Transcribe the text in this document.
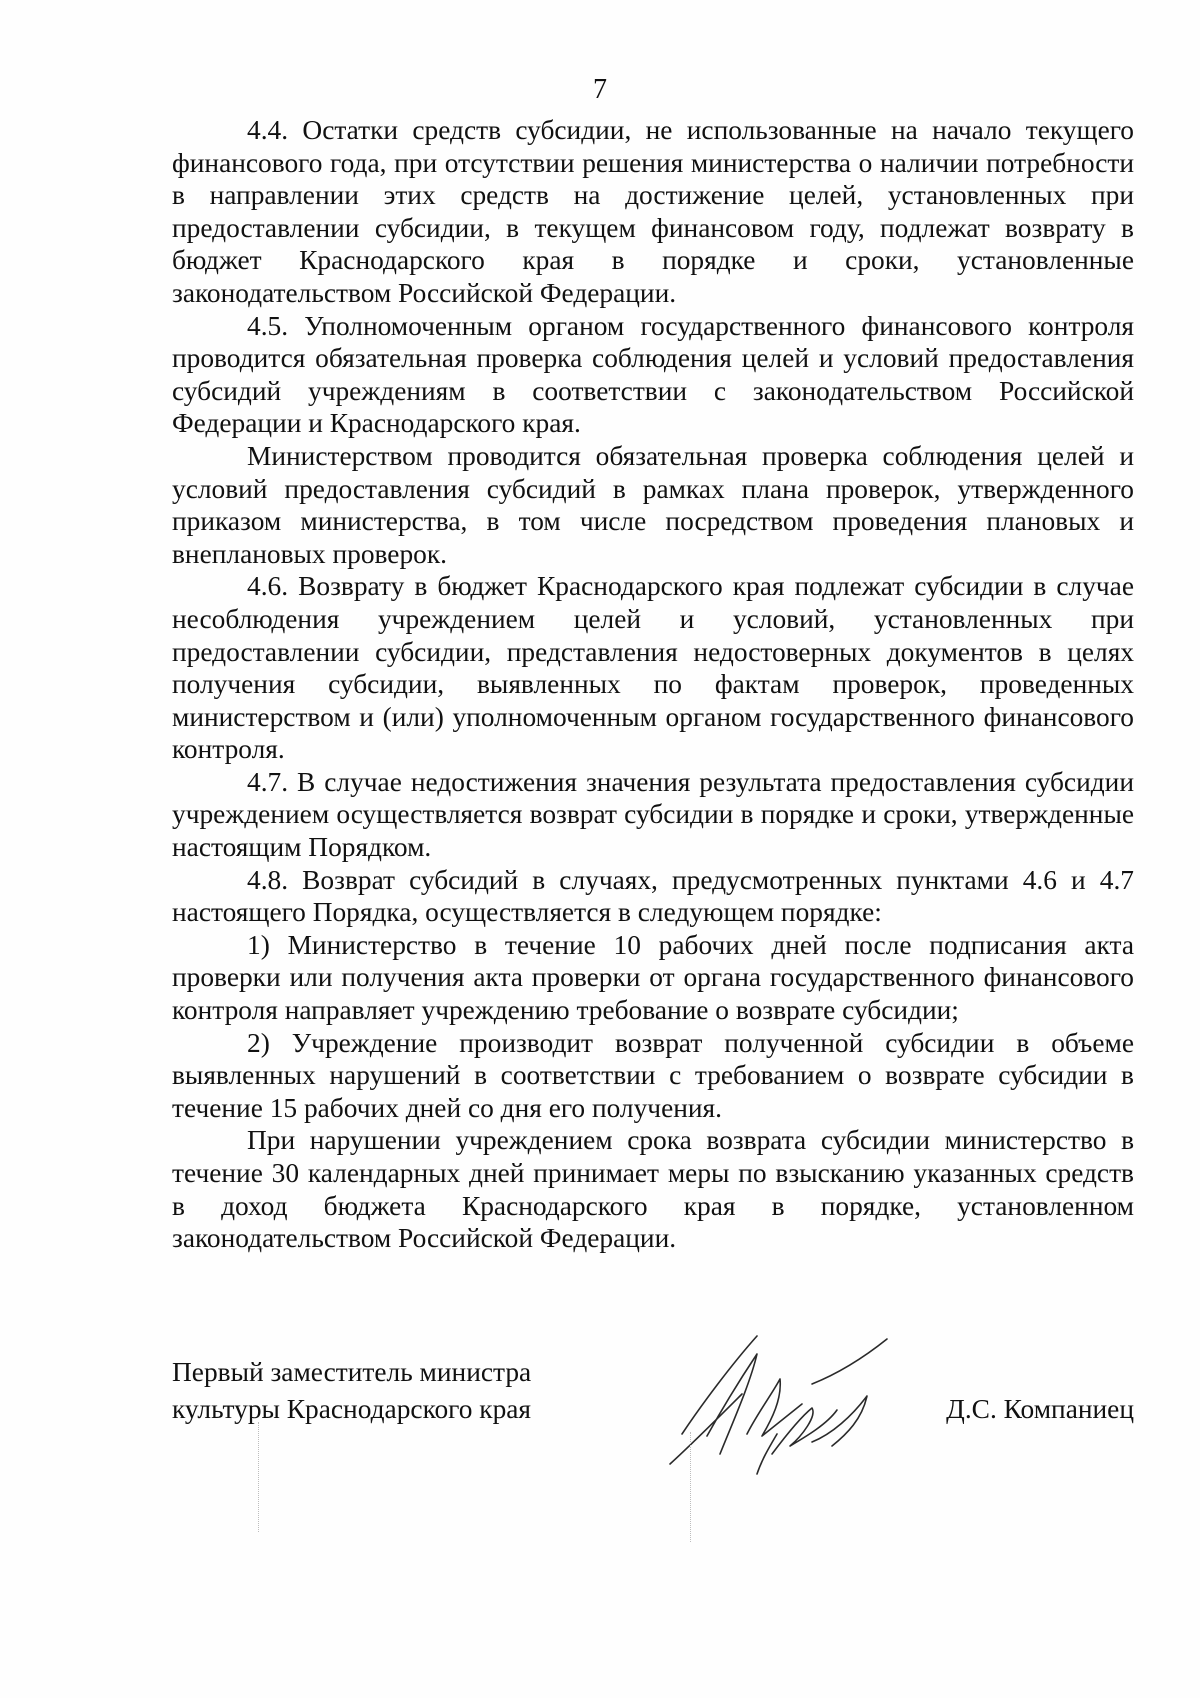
7

4.4. Остатки средств субсидии, не использованные на начало текущего финансового года, при отсутствии решения министерства о наличии потребности в направлении этих средств на достижение целей, установленных при предоставлении субсидии, в текущем финансовом году, подлежат возврату в бюджет Краснодарского края в порядке и сроки, установленные законодательством Российской Федерации.

4.5. Уполномоченным органом государственного финансового контроля проводится обязательная проверка соблюдения целей и условий предоставления субсидий учреждениям в соответствии с законодательством Российской Федерации и Краснодарского края.

Министерством проводится обязательная проверка соблюдения целей и условий предоставления субсидий в рамках плана проверок, утвержденного приказом министерства, в том числе посредством проведения плановых и внеплановых проверок.

4.6. Возврату в бюджет Краснодарского края подлежат субсидии в случае несоблюдения учреждением целей и условий, установленных при предоставлении субсидии, представления недостоверных документов в целях получения субсидии, выявленных по фактам проверок, проведенных министерством и (или) уполномоченным органом государственного финансового контроля.

4.7. В случае недостижения значения результата предоставления субсидии учреждением осуществляется возврат субсидии в порядке и сроки, утвержденные настоящим Порядком.

4.8. Возврат субсидий в случаях, предусмотренных пунктами 4.6 и 4.7 настоящего Порядка, осуществляется в следующем порядке:

1) Министерство в течение 10 рабочих дней после подписания акта проверки или получения акта проверки от органа государственного финансового контроля направляет учреждению требование о возврате субсидии;

2) Учреждение производит возврат полученной субсидии в объеме выявленных нарушений в соответствии с требованием о возврате субсидии в течение 15 рабочих дней со дня его получения.

При нарушении учреждением срока возврата субсидии министерство в течение 30 календарных дней принимает меры по взысканию указанных средств в доход бюджета Краснодарского края в порядке, установленном законодательством Российской Федерации.

Первый заместитель министра
культуры Краснодарского края	Д.С. Компаниец
